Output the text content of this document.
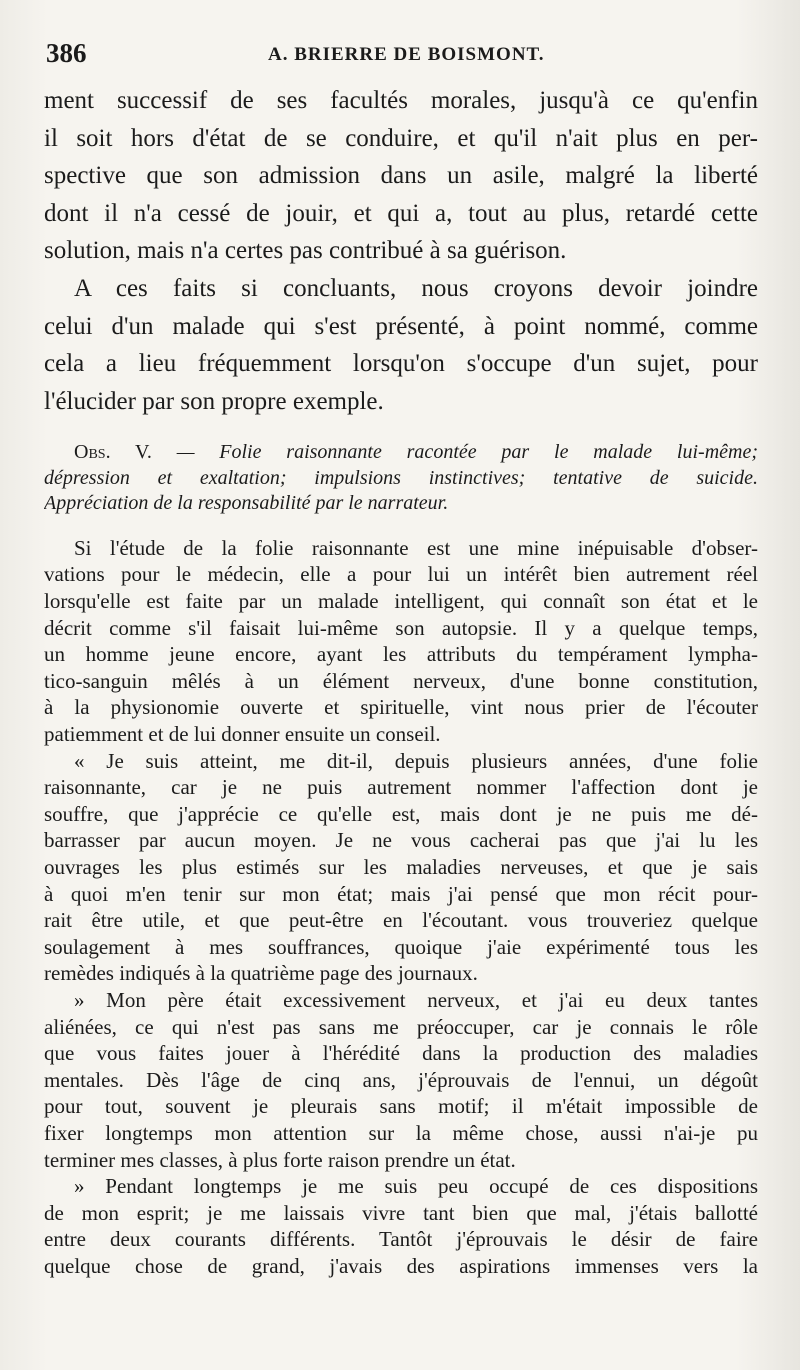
386	A. BRIERRE DE BOISMONT.
ment successif de ses facultés morales, jusqu'à ce qu'enfin
il soit hors d'état de se conduire, et qu'il n'ait plus en per-
spective que son admission dans un asile, malgré la liberté
dont il n'a cessé de jouir, et qui a, tout au plus, retardé cette
solution, mais n'a certes pas contribué à sa guérison.
A ces faits si concluants, nous croyons devoir joindre
celui d'un malade qui s'est présenté, à point nommé, comme
cela a lieu fréquemment lorsqu'on s'occupe d'un sujet, pour
l'élucider par son propre exemple.
Obs. V. — Folie raisonnante racontée par le malade lui-même;
dépression et exaltation; impulsions instinctives; tentative de suicide.
Appréciation de la responsabilité par le narrateur.
Si l'étude de la folie raisonnante est une mine inépuisable d'obser-
vations pour le médecin, elle a pour lui un intérêt bien autrement réel
lorsqu'elle est faite par un malade intelligent, qui connaît son état et le
décrit comme s'il faisait lui-même son autopsie. Il y a quelque temps,
un homme jeune encore, ayant les attributs du tempérament lympha-
tico-sanguin mêlés à un élément nerveux, d'une bonne constitution,
à la physionomie ouverte et spirituelle, vint nous prier de l'écouter
patiemment et de lui donner ensuite un conseil.
« Je suis atteint, me dit-il, depuis plusieurs années, d'une folie
raisonnante, car je ne puis autrement nommer l'affection dont je
souffre, que j'apprécie ce qu'elle est, mais dont je ne puis me dé-
barrasser par aucun moyen. Je ne vous cacherai pas que j'ai lu les
ouvrages les plus estimés sur les maladies nerveuses, et que je sais
à quoi m'en tenir sur mon état; mais j'ai pensé que mon récit pour-
rait être utile, et que peut-être en l'écoutant. vous trouveriez quelque
soulagement à mes souffrances, quoique j'aie expérimenté tous les
remèdes indiqués à la quatrième page des journaux.
» Mon père était excessivement nerveux, et j'ai eu deux tantes
aliénées, ce qui n'est pas sans me préoccuper, car je connais le rôle
que vous faites jouer à l'hérédité dans la production des maladies
mentales. Dès l'âge de cinq ans, j'éprouvais de l'ennui, un dégoût
pour tout, souvent je pleurais sans motif; il m'était impossible de
fixer longtemps mon attention sur la même chose, aussi n'ai-je pu
terminer mes classes, à plus forte raison prendre un état.
» Pendant longtemps je me suis peu occupé de ces dispositions
de mon esprit; je me laissais vivre tant bien que mal, j'étais ballotté
entre deux courants différents. Tantôt j'éprouvais le désir de faire
quelque chose de grand, j'avais des aspirations immenses vers la
